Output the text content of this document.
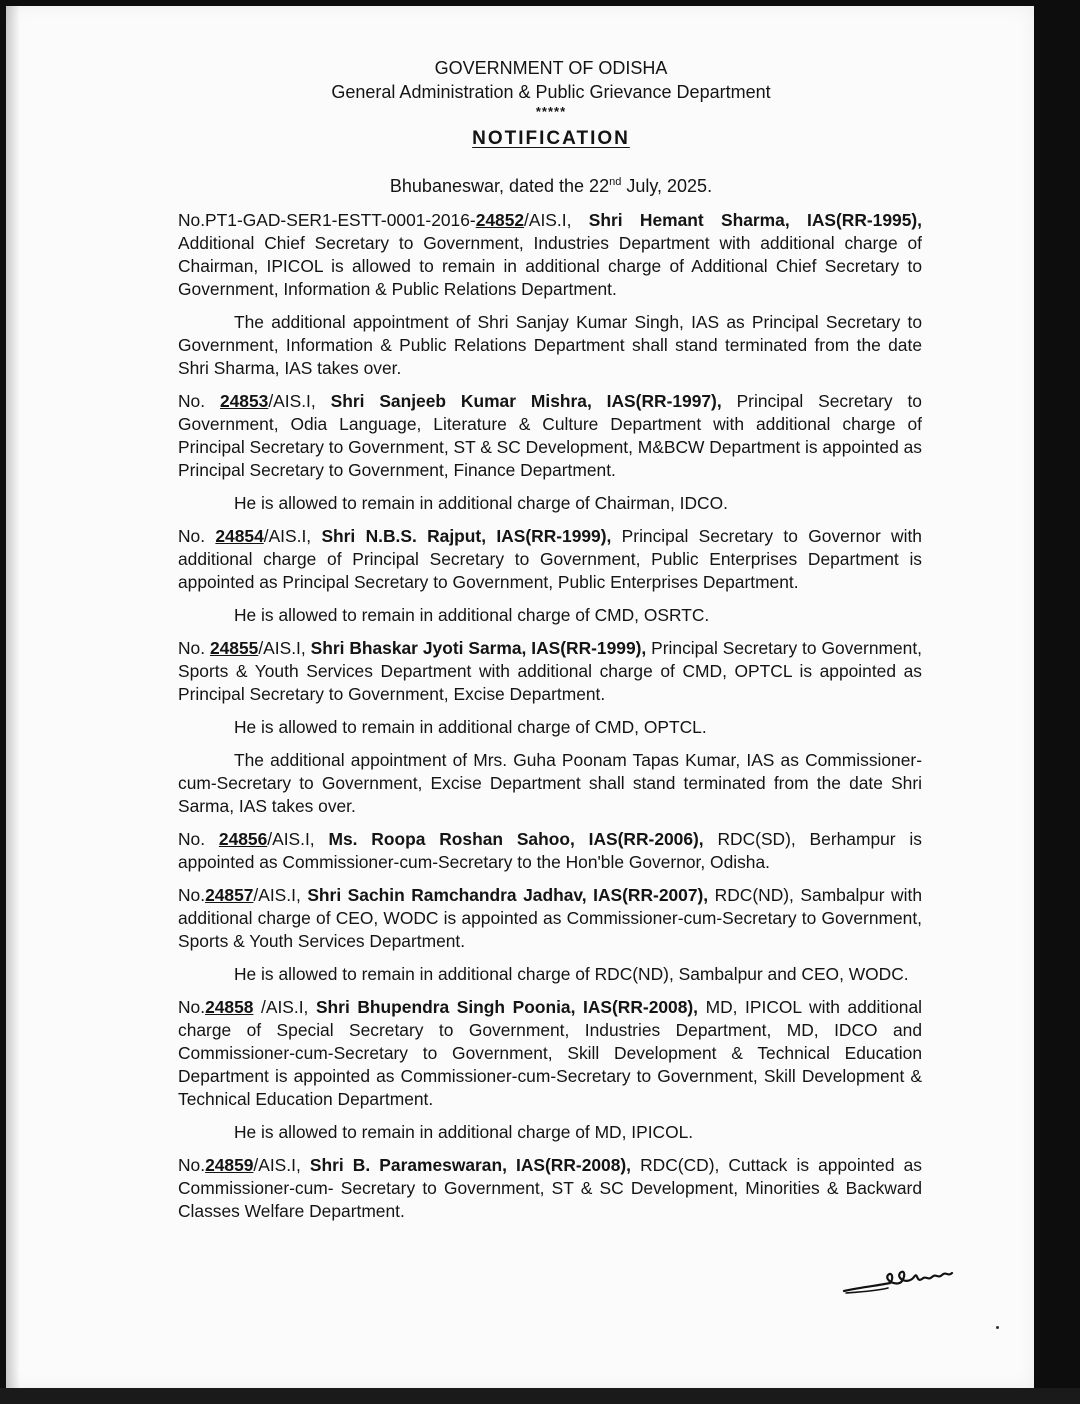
GOVERNMENT OF ODISHA
General Administration & Public Grievance Department
*****
NOTIFICATION
Bhubaneswar, dated the 22nd July, 2025.

No.PT1-GAD-SER1-ESTT-0001-2016-24852/AIS.I, Shri Hemant Sharma, IAS(RR-1995), Additional Chief Secretary to Government, Industries Department with additional charge of Chairman, IPICOL is allowed to remain in additional charge of Additional Chief Secretary to Government, Information & Public Relations Department.

The additional appointment of Shri Sanjay Kumar Singh, IAS as Principal Secretary to Government, Information & Public Relations Department shall stand terminated from the date Shri Sharma, IAS takes over.

No. 24853/AIS.I, Shri Sanjeeb Kumar Mishra, IAS(RR-1997), Principal Secretary to Government, Odia Language, Literature & Culture Department with additional charge of Principal Secretary to Government, ST & SC Development, M&BCW Department is appointed as Principal Secretary to Government, Finance Department.

He is allowed to remain in additional charge of Chairman, IDCO.

No. 24854/AIS.I, Shri N.B.S. Rajput, IAS(RR-1999), Principal Secretary to Governor with additional charge of Principal Secretary to Government, Public Enterprises Department is appointed as Principal Secretary to Government, Public Enterprises Department.

He is allowed to remain in additional charge of CMD, OSRTC.

No. 24855/AIS.I, Shri Bhaskar Jyoti Sarma, IAS(RR-1999), Principal Secretary to Government, Sports & Youth Services Department with additional charge of CMD, OPTCL is appointed as Principal Secretary to Government, Excise Department.

He is allowed to remain in additional charge of CMD, OPTCL.

The additional appointment of Mrs. Guha Poonam Tapas Kumar, IAS as Commissioner-cum-Secretary to Government, Excise Department shall stand terminated from the date Shri Sarma, IAS takes over.

No. 24856/AIS.I, Ms. Roopa Roshan Sahoo, IAS(RR-2006), RDC(SD), Berhampur is appointed as Commissioner-cum-Secretary to the Hon'ble Governor, Odisha.

No.24857/AIS.I, Shri Sachin Ramchandra Jadhav, IAS(RR-2007), RDC(ND), Sambalpur with additional charge of CEO, WODC is appointed as Commissioner-cum-Secretary to Government, Sports & Youth Services Department.

He is allowed to remain in additional charge of RDC(ND), Sambalpur and CEO, WODC.

No.24858 /AIS.I, Shri Bhupendra Singh Poonia, IAS(RR-2008), MD, IPICOL with additional charge of Special Secretary to Government, Industries Department, MD, IDCO and Commissioner-cum-Secretary to Government, Skill Development & Technical Education Department is appointed as Commissioner-cum-Secretary to Government, Skill Development & Technical Education Department.

He is allowed to remain in additional charge of MD, IPICOL.

No.24859/AIS.I, Shri B. Parameswaran, IAS(RR-2008), RDC(CD), Cuttack is appointed as Commissioner-cum- Secretary to Government, ST & SC Development, Minorities & Backward Classes Welfare Department.
